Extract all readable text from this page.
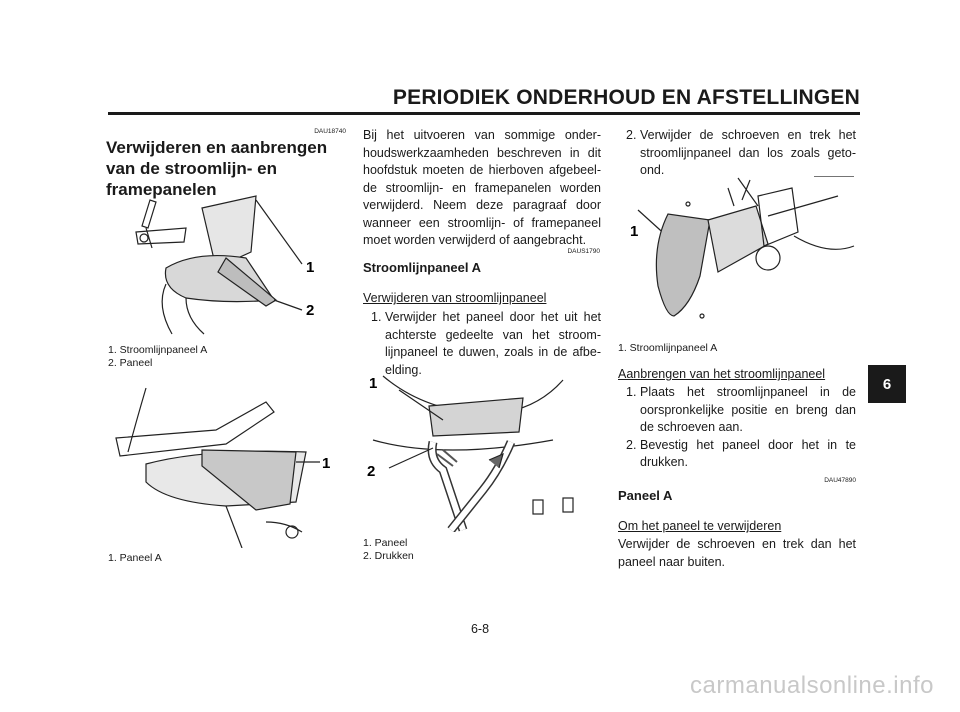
PERIODIEK ONDERHOUD EN AFSTELLINGEN
DAU18740
Verwijderen en aanbrengen van de stroomlijn- en framepanelen
1
2
1. Stroomlijnpaneel A
2. Paneel
1
1. Paneel A
Bij het uitvoeren van sommige onderhoudswerkzaamheden beschreven in dit hoofdstuk moeten de hierboven afgebeelde stroomlijn- en framepanelen worden verwijderd. Neem deze paragraaf door wanneer een stroomlijn- of framepaneel moet worden verwijderd of aangebracht.
DAUS1790
Stroomlijnpaneel A
Verwijderen van stroomlijnpaneel
1. Verwijder het paneel door het uit het achterste gedeelte van het stroomlijnpaneel te duwen, zoals in de afbeelding.
1
2
1. Paneel
2. Drukken
2. Verwijder de schroeven en trek het stroomlijnpaneel dan los zoals getoond.
1
1. Stroomlijnpaneel A
Aanbrengen van het stroomlijnpaneel
1. Plaats het stroomlijnpaneel in de oorspronkelijke positie en breng dan de schroeven aan.
2. Bevestig het paneel door het in te drukken.
DAU47890
Paneel A
Om het paneel te verwijderen
Verwijder de schroeven en trek dan het paneel naar buiten.
6
6-8
carmanualsonline.info
